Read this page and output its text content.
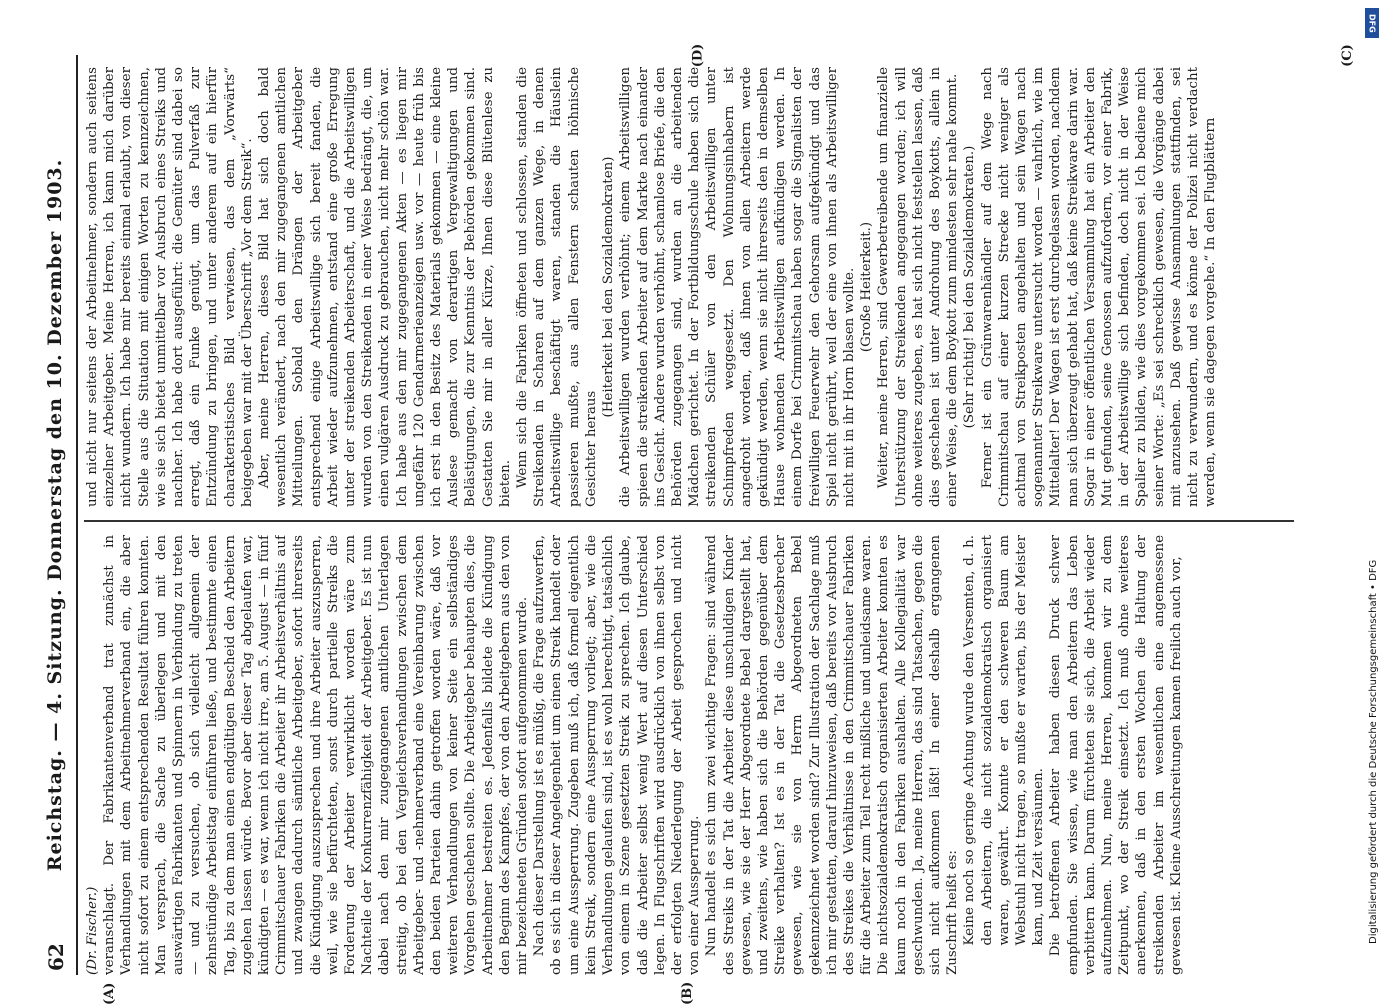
62
Reichstag. — 4. Sitzung. Donnerstag den 10. Dezember 1903.
(A)	(B)

(Dr. Fischer.) veranschlagt. Der Fabrikantenverband trat zunächst in Verhandlungen mit dem Arbeitnehmerverband ein, die aber nicht sofort zu einem entsprechenden Resultat führen konnten. Man versprach, die Sache zu überlegen und mit den auswärtigen Fabrikanten und Spinnern in Verbindung zu treten — und zu versuchen, ob sich vielleicht allgemein der zehnstündige Arbeitstag einführen ließe, und bestimmte einen Tag, bis zu dem man einen endgültigen Bescheid den Arbeitern zugehen lassen würde. Bevor aber dieser Tag abgelaufen war, kündigten — es war, wenn ich nicht irre, am 5. August — in fünf Crimmitschauer Fabriken die Arbeiter ihr Arbeitsverhältnis auf und zwangen dadurch sämtliche Arbeitgeber, sofort ihrerseits die Kündigung auszusprechen und ihre Arbeiter auszusperren, weil, wie sie befürchteten, sonst durch partielle Streiks die Forderung der Arbeiter verwirklicht worden wäre zum Nachteile der Konkurrenzfähigkeit der Arbeitgeber. Es ist nun dabei nach den mir zugegangenen amtlichen Unterlagen streitig, ob bei den Vergleichsverhandlungen zwischen dem Arbeitgeber- und -nehmerverband eine Vereinbarung zwischen den beiden Parteien dahin getroffen worden wäre, daß vor weiteren Verhandlungen von keiner Seite ein selbständiges Vorgehen geschehen sollte. Die Arbeitgeber behaupten dies, die Arbeitnehmer bestreiten es. Jedenfalls bildete die Kündigung den Beginn des Kampfes, der von den Arbeitgebern aus den von mir bezeichneten Gründen sofort aufgenommen wurde. Nach dieser Darstellung ist es müßig, die Frage aufzuwerfen, ob es sich in dieser Angelegenheit um einen Streik handelt oder um eine Aussperrung. Zugeben muß ich, daß formell eigentlich kein Streik, sondern eine Aussperrung vorliegt; aber, wie die Verhandlungen gelaufen sind, ist es wohl berechtigt, tatsächlich von einem in Szene gesetzten Streik zu sprechen. Ich glaube, daß die Arbeiter selbst wenig Wert auf diesen Unterschied legen. In Flugschriften wird ausdrücklich von ihnen selbst von der erfolgten Niederlegung der Arbeit gesprochen und nicht von einer Aussperrung. Nun handelt es sich um zwei wichtige Fragen: sind während des Streiks in der Tat die Arbeiter diese unschuldigen Kinder gewesen, wie sie der Herr Abgeordnete Bebel dargestellt hat, und zweitens, wie haben sich die Behörden gegenüber dem Streike verhalten? Ist es in der Tat die Gesetzesbrecher gewesen, wie sie von Herrn Abgeordneten Bebel gekennzeichnet worden sind? Zur Illustration der Sachlage muß ich mir gestatten, darauf hinzuweisen, daß bereits vor Ausbruch des Streikes die Verhältnisse in den Crimmitschauer Fabriken für die Arbeiter zum Teil recht mißliche und unleidsame waren. Die nichtsozialdemokratisch organisierten Arbeiter konnten es kaum noch in den Fabriken aushalten. Alle Kollegialität war geschwunden. Ja, meine Herren, das sind Tatsachen, gegen die sich nicht aufkommen läßt! In einer deshalb ergangenen Zuschrift heißt es: Keine noch so geringe Achtung wurde den Versemten, d. h. den Arbeitern, die nicht sozialdemokratisch organisiert waren, gewährt. Konnte er den schweren Baum am Webstuhl nicht tragen, so mußte er warten, bis der Meister kam, und Zeit versäumen. Die betroffenen Arbeiter haben diesen Druck schwer empfunden. Sie wissen, wie man den Arbeitern das Leben verbittern kann. Darum fürchteten sie sich, die Arbeit wieder aufzunehmen. Nun, meine Herren, kommen wir zu dem Zeitpunkt, wo der Streik einsetzt. Ich muß ohne weiteres anerkennen, daß in den ersten Wochen die Haltung der streikenden Arbeiter im wesentlichen eine angemessene gewesen ist. Kleine Ausschreitungen kamen freilich auch vor,

und nicht nur seitens der Arbeitnehmer, sondern auch seitens einzelner Arbeitgeber. Meine Herren, ich kann mich darüber nicht wundern. Ich habe mir bereits einmal erlaubt, von dieser Stelle aus die Situation mit einigen Worten zu kennzeichnen, wie sie sich bietet unmittelbar vor Ausbruch eines Streiks und nachher. Ich habe dort ausgeführt: die Gemüter sind dabei so erregt, daß ein Funke genügt, um das Pulverfaß zur Entzündung zu bringen, und unter anderem auf ein hierfür charakteristisches Bild verwiesen, das dem „Vorwärts“ beigegeben war mit der Überschrift „Vor dem Streik“. Aber, meine Herren, dieses Bild hat sich doch bald wesentlich verändert, nach den mir zugegangenen amtlichen Mitteilungen. Sobald den Drängen der Arbeitgeber entsprechend einige Arbeitswillige sich bereit fanden, die Arbeit wieder aufzunehmen, entstand eine große Erregung unter der streikenden Arbeiterschaft, und die Arbeitswilligen wurden von den Streikenden in einer Weise bedrängt, die, um einen vulgären Ausdruck zu gebrauchen, nicht mehr schön war. Ich habe aus den mir zugegangenen Akten — es liegen mir ungefähr 120 Gendarmerieanzeigen usw. vor — heute früh bis ich erst in den Besitz des Materials gekommen — eine kleine Auslese gemacht von derartigen Vergewaltigungen und Belästigungen, die zur Kenntnis der Behörden gekommen sind. Gestatten Sie mir in aller Kürze, Ihnen diese Blütenlese zu bieten. Wenn sich die Fabriken öffneten und schlossen, standen die Streikenden in Scharen auf dem ganzen Wege, in denen Arbeitswillige beschäftigt waren, standen die Häuslein passieren mußte, aus allen Fenstern schauten höhnische Gesichter heraus

(Heiterkeit bei den Sozialdemokraten) die Arbeitswilligen wurden verhöhnt; einem Arbeitswilligen spieen die streikenden Arbeiter auf dem Markte nach einander ins Gesicht. Andere wurden verhöhnt, schamlose Briefe, die den Behörden zugegangen sind, wurden an die arbeitenden Mädchen gerichtet. In der Fortbildungsschule haben sich die streikenden Schüler von den Arbeitswilligen unter Schimpfreden weggesetzt. Den Wohnungsinhabern ist angedroht worden, daß ihnen von allen Arbeitern werde gekündigt werden, wenn sie nicht ihrerseits den in demselben Hause wohnenden Arbeitswilligen aufkündigen werden. In einem Dorfe bei Crimmitschau haben sogar die Signalisten der freiwilligen Feuerwehr den Gehorsam aufgekündigt und das Spiel nicht gerührt, weil der eine von ihnen als Arbeitswilliger nicht mit in ihr Horn blasen wollte. (Große Heiterkeit.) Weiter, meine Herren, sind Gewerbetreibende um finanzielle Unterstützung der Streikenden angegangen worden; ich will ohne weiteres zugeben, es hat sich nicht feststellen lassen, daß dies geschehen ist unter Androhung des Boykotts, allein in einer Weise, die dem Boykott zum mindesten sehr nahe kommt. (Sehr richtig! bei den Sozialdemokraten.) Ferner ist ein Grünwarenhändler auf dem Wege nach Crimmitschau auf einer kurzen Strecke nicht weniger als achtmal von Streikposten angehalten und sein Wagen nach sogenannter Streikware untersucht worden — wahrlich, wie im Mittelalter! Der Wagen ist erst durchgelassen worden, nachdem man sich überzeugt gehabt hat, daß keine Streikware darin war. Sogar in einer öffentlichen Versammlung hat ein Arbeiter den Mut gefunden, seine Genossen aufzufordern, vor einer Fabrik, in der Arbeitswillige sich befinden, doch nicht in der Weise Spalier zu bilden, wie dies vorgekommen sei. Ich bediene mich seiner Worte: „Es sei schrecklich gewesen, die Vorgänge dabei mit anzusehen. Daß gewisse Ansammlungen stattfinden, sei nicht zu verwundern, und es könne der Polizei nicht verdacht werden, wenn sie dagegen vorgehe.“ In den Flugblättern

(C)
(D)
DFG
Digitalisierung gefördert durch die Deutsche Forschungsgemeinschaft • DFG
